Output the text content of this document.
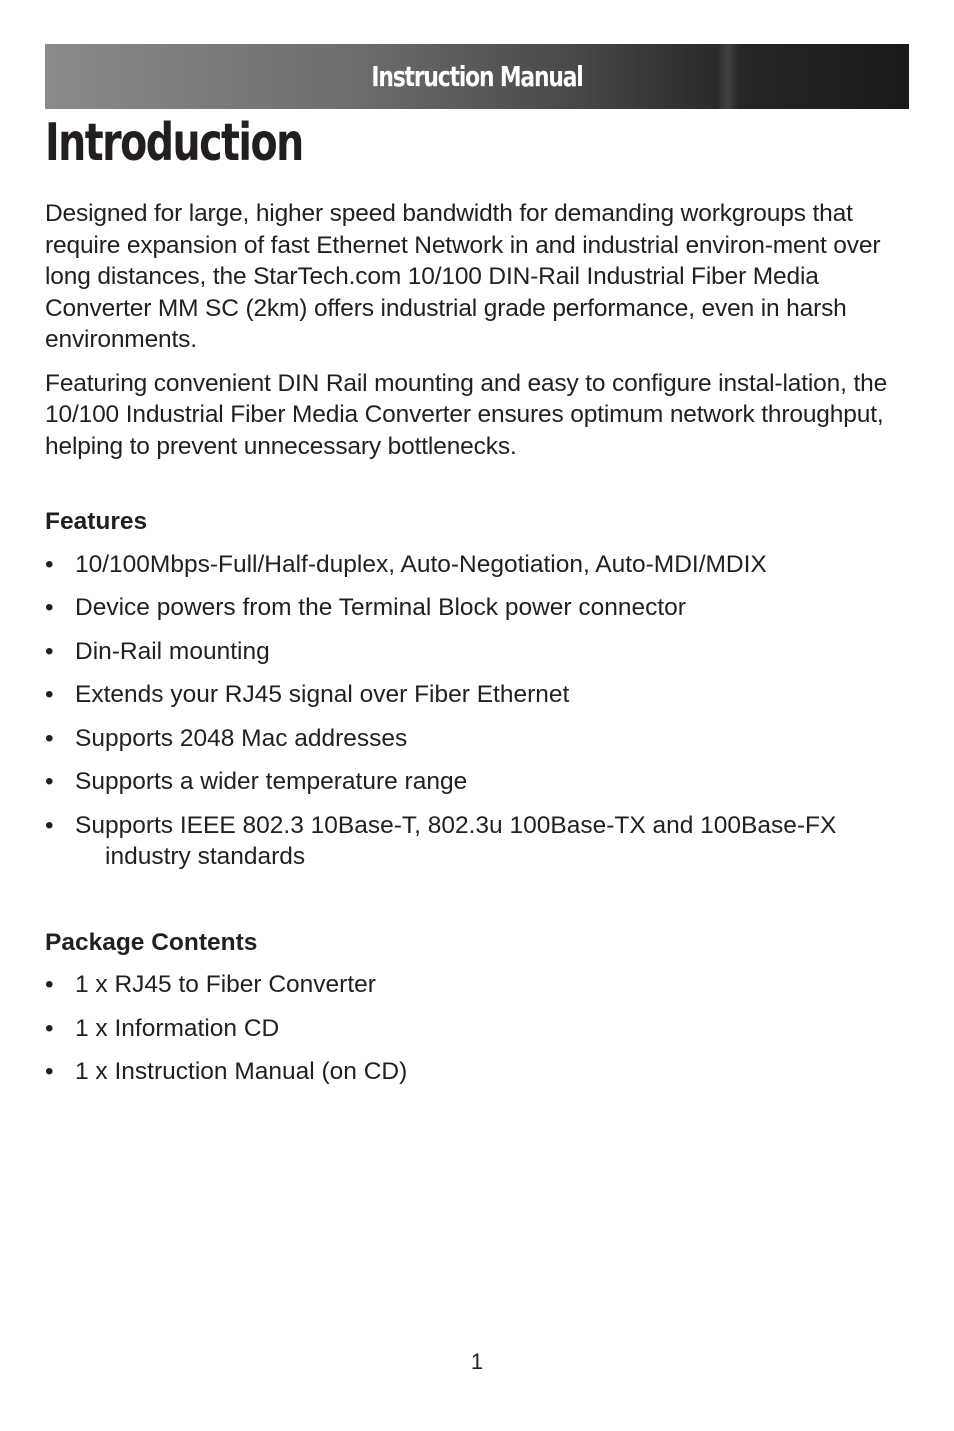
Instruction Manual
Introduction

Designed for large, higher speed bandwidth for demanding workgroups that require expansion of fast Ethernet Network in and industrial environ-ment over long distances, the StarTech.com 10/100 DIN-Rail Industrial Fiber Media Converter MM SC (2km) offers industrial grade performance, even in harsh environments.

Featuring convenient DIN Rail mounting and easy to configure instal-lation, the 10/100 Industrial Fiber Media Converter ensures optimum network throughput, helping to prevent unnecessary bottlenecks.

Features
• 10/100Mbps-Full/Half-duplex, Auto-Negotiation, Auto-MDI/MDIX
• Device powers from the Terminal Block power connector
• Din-Rail mounting
• Extends your RJ45 signal over Fiber Ethernet
• Supports 2048 Mac addresses
• Supports a wider temperature range
• Supports IEEE 802.3 10Base-T, 802.3u 100Base-TX and 100Base-FX
industry standards
Package Contents
• 1 x RJ45 to Fiber Converter
• 1 x Information CD
• 1 x Instruction Manual (on CD)
1
